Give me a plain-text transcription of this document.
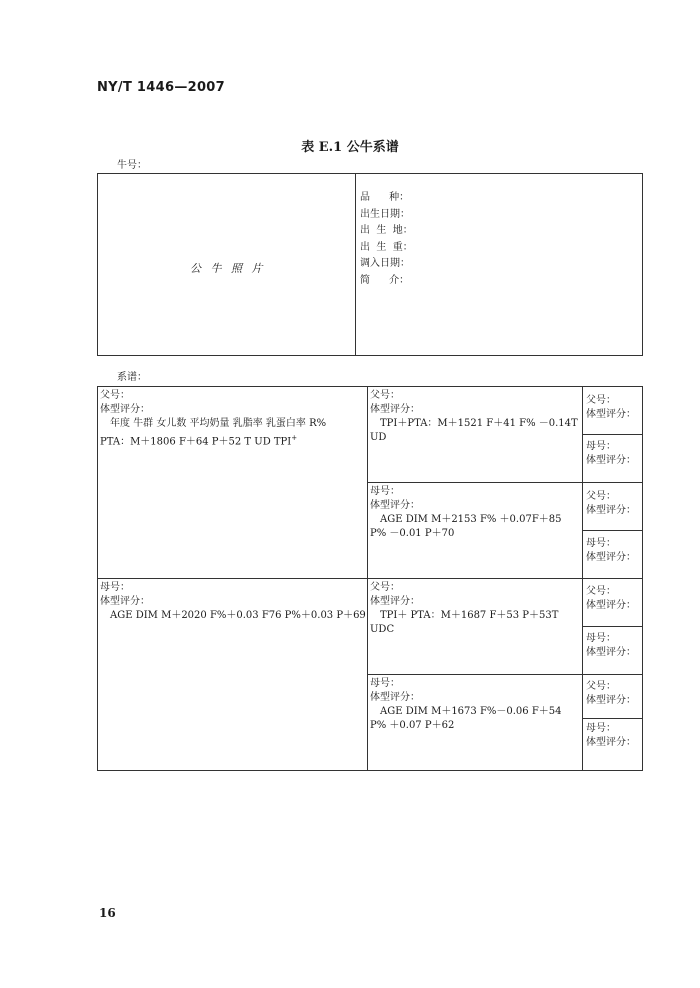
NY/T 1446—2007
表 E.1 公牛系谱
牛号：
公 牛 照 片
品      种：
出生日期：
出  生  地：
出  生  重：
调入日期：
简      介：
系谱：
父号：
体型评分：
年度 牛群 女儿数 平均奶量 乳脂率 乳蛋白率 R%
PTA：M＋1806 F＋64 P＋52 T UD TPI+
母号：
体型评分：
AGE DIM M＋2020 F%＋0.03 F76 P%＋0.03 P＋69
父号：
体型评分：
TPI＋PTA：M＋1521 F＋41 F% －0.14T
UD
母号：
体型评分：
AGE DIM M＋2153 F% ＋0.07F＋85
P% －0.01 P＋70
父号：
体型评分：
TPI＋ PTA：M＋1687 F＋53 P＋53T
UDC
母号：
体型评分：
AGE DIM M＋1673 F%－0.06 F＋54
P% ＋0.07 P＋62
父号：
体型评分：
母号：
体型评分：
父号：
体型评分：
母号：
体型评分：
父号：
体型评分：
母号：
体型评分：
父号：
体型评分：
母号：
体型评分：
16
